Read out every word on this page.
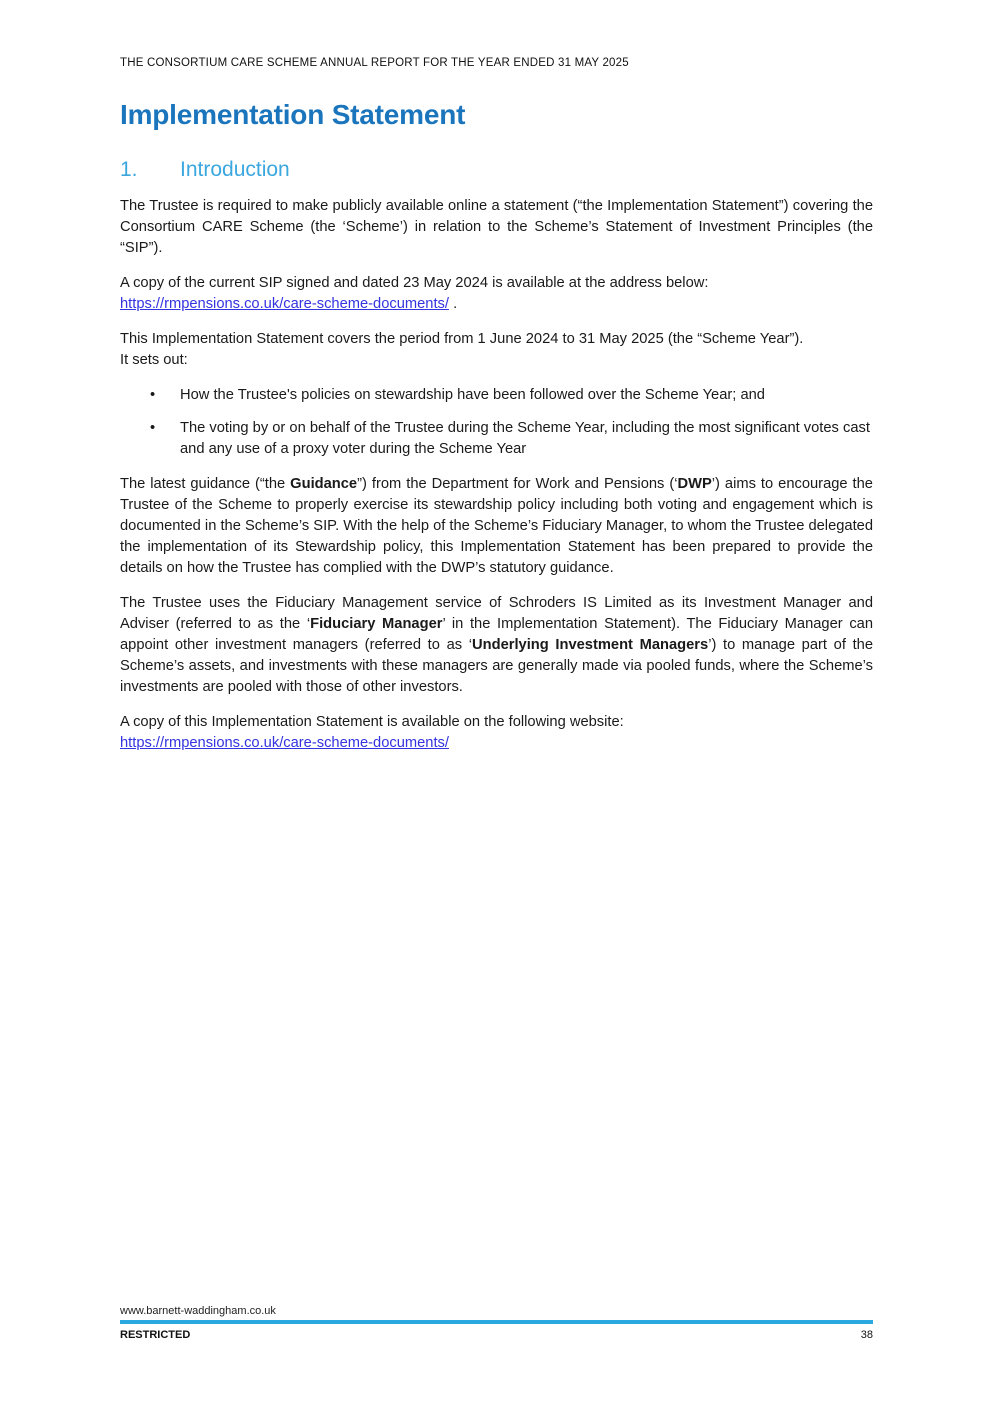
THE CONSORTIUM CARE SCHEME ANNUAL REPORT FOR THE YEAR ENDED 31 MAY 2025
Implementation Statement
1.	Introduction

The Trustee is required to make publicly available online a statement (“the Implementation Statement”) covering the Consortium CARE Scheme (the ‘Scheme’) in relation to the Scheme’s Statement of Investment Principles (the “SIP”).

A copy of the current SIP signed and dated 23 May 2024 is available at the address below:
https://rmpensions.co.uk/care-scheme-documents/ .

This Implementation Statement covers the period from 1 June 2024 to 31 May 2025 (the “Scheme Year”).
It sets out:

•	How the Trustee's policies on stewardship have been followed over the Scheme Year; and
•	The voting by or on behalf of the Trustee during the Scheme Year, including the most significant votes cast and any use of a proxy voter during the Scheme Year

The latest guidance (“the Guidance”) from the Department for Work and Pensions (‘DWP’) aims to encourage the Trustee of the Scheme to properly exercise its stewardship policy including both voting and engagement which is documented in the Scheme’s SIP. With the help of the Scheme’s Fiduciary Manager, to whom the Trustee delegated the implementation of its Stewardship policy, this Implementation Statement has been prepared to provide the details on how the Trustee has complied with the DWP’s statutory guidance.

The Trustee uses the Fiduciary Management service of Schroders IS Limited as its Investment Manager and Adviser (referred to as the ‘Fiduciary Manager’ in the Implementation Statement). The Fiduciary Manager can appoint other investment managers (referred to as ‘Underlying Investment Managers’) to manage part of the Scheme’s assets, and investments with these managers are generally made via pooled funds, where the Scheme’s investments are pooled with those of other investors.

A copy of this Implementation Statement is available on the following website:
https://rmpensions.co.uk/care-scheme-documents/

www.barnett-waddingham.co.uk
RESTRICTED	38
